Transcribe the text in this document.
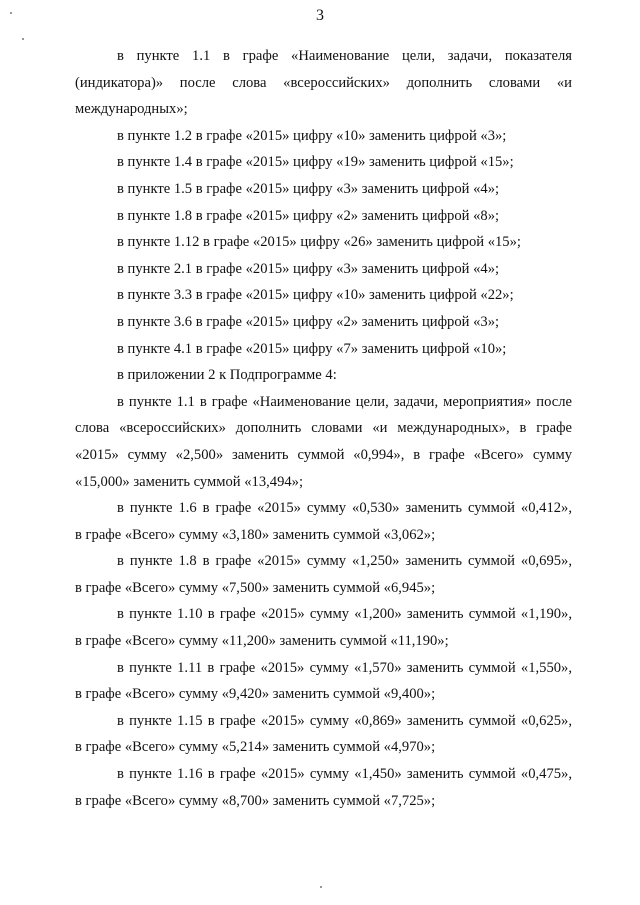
3
в пункте 1.1 в графе «Наименование цели, задачи, показателя
(индикатора)» после слова «всероссийских» дополнить словами «и
международных»;
в пункте 1.2 в графе «2015» цифру «10» заменить цифрой «3»;
в пункте 1.4 в графе «2015» цифру «19» заменить цифрой «15»;
в пункте 1.5 в графе «2015» цифру «3» заменить цифрой «4»;
в пункте 1.8 в графе «2015» цифру «2» заменить цифрой «8»;
в пункте 1.12 в графе «2015» цифру «26» заменить цифрой «15»;
в пункте 2.1 в графе «2015» цифру «3» заменить цифрой «4»;
в пункте 3.3 в графе «2015» цифру «10» заменить цифрой «22»;
в пункте 3.6 в графе «2015» цифру «2» заменить цифрой «3»;
в пункте 4.1 в графе «2015» цифру «7» заменить цифрой «10»;
в приложении 2 к Подпрограмме 4:
в пункте 1.1 в графе «Наименование цели, задачи, мероприятия» после
слова «всероссийских» дополнить словами «и международных», в графе
«2015» сумму «2,500» заменить суммой «0,994», в графе «Всего» сумму
«15,000» заменить суммой «13,494»;
в пункте 1.6 в графе «2015» сумму «0,530» заменить суммой «0,412»,
в графе «Всего» сумму «3,180» заменить суммой «3,062»;
в пункте 1.8 в графе «2015» сумму «1,250» заменить суммой «0,695»,
в графе «Всего» сумму «7,500» заменить суммой «6,945»;
в пункте 1.10 в графе «2015» сумму «1,200» заменить суммой «1,190»,
в графе «Всего» сумму «11,200» заменить суммой «11,190»;
в пункте 1.11 в графе «2015» сумму «1,570» заменить суммой «1,550»,
в графе «Всего» сумму «9,420» заменить суммой «9,400»;
в пункте 1.15 в графе «2015» сумму «0,869» заменить суммой «0,625»,
в графе «Всего» сумму «5,214» заменить суммой «4,970»;
в пункте 1.16 в графе «2015» сумму «1,450» заменить суммой «0,475»,
в графе «Всего» сумму «8,700» заменить суммой «7,725»;
